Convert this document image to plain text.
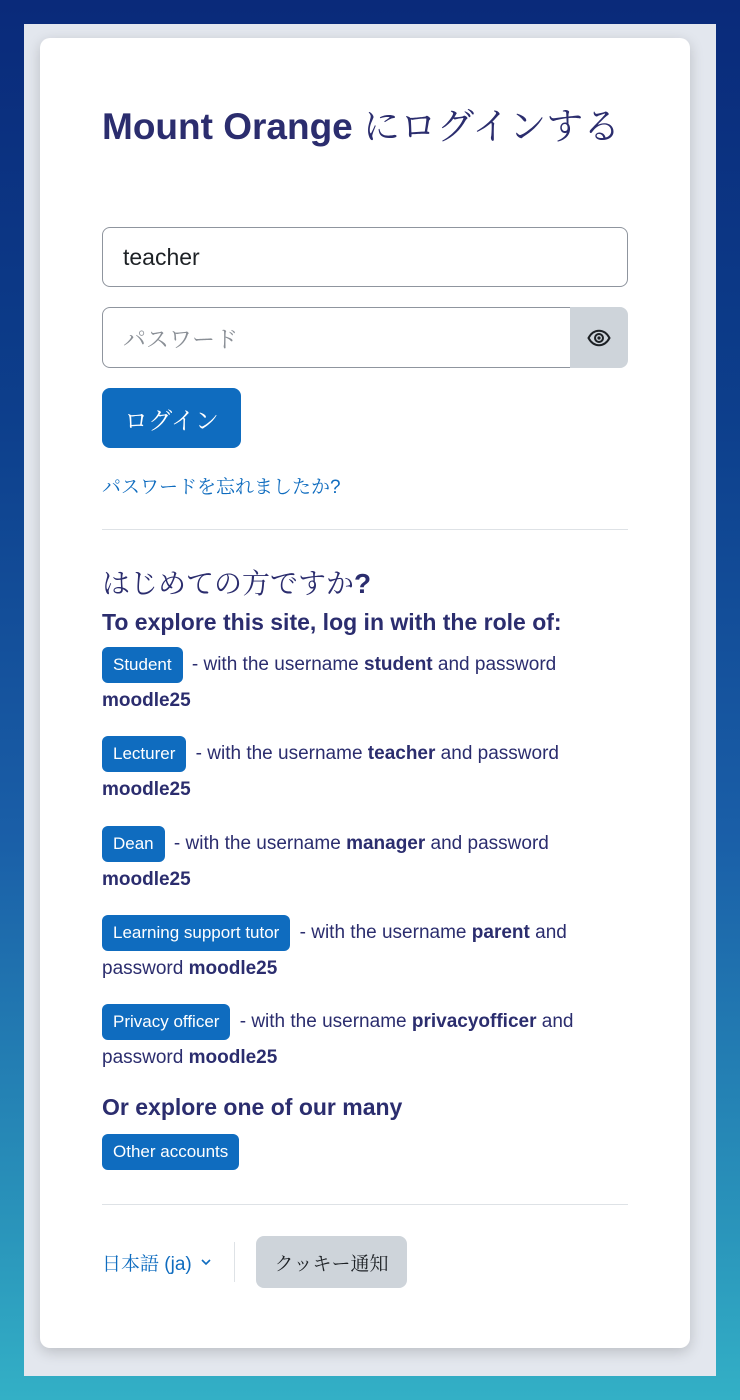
Mount Orange にログインする
teacher
パスワード
ログイン
パスワードを忘れましたか?
はじめての方ですか?
To explore this site, log in with the role of:
Student - with the username student and password moodle25
Lecturer - with the username teacher and password moodle25
Dean - with the username manager and password moodle25
Learning support tutor - with the username parent and password moodle25
Privacy officer - with the username privacyofficer and password moodle25
Or explore one of our many
Other accounts
日本語 (ja)	クッキー通知
